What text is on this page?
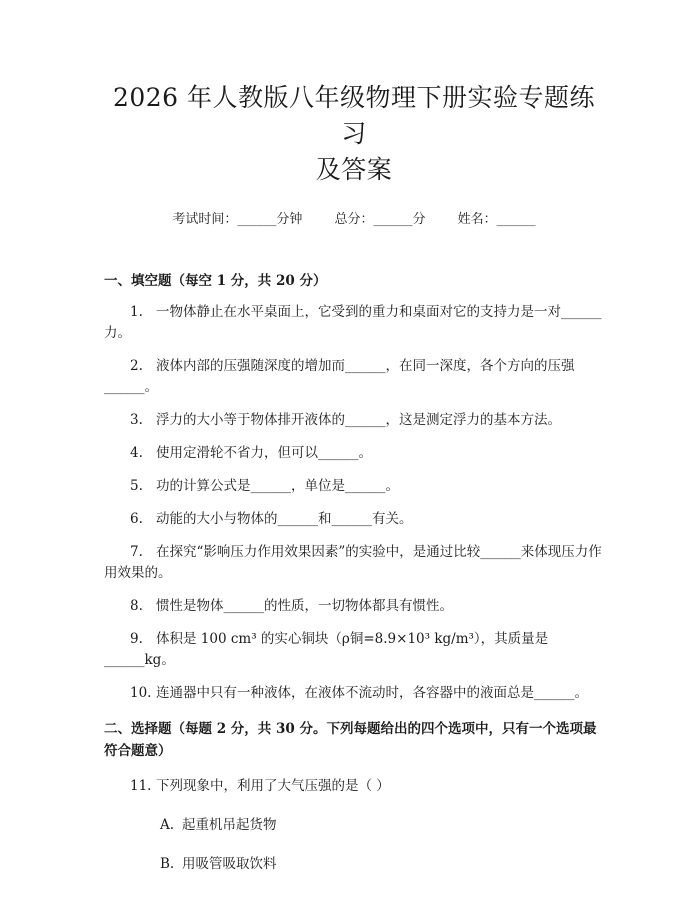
2026 年人教版八年级物理下册实验专题练习
及答案
考试时间：______分钟 总分：______分 姓名：______
一、填空题（每空 1 分，共 20 分）

1. 一物体静止在水平桌面上，它受到的重力和桌面对它的支持力是一对______力。

2. 液体内部的压强随深度的增加而______，在同一深度，各个方向的压强______。

3. 浮力的大小等于物体排开液体的______，这是测定浮力的基本方法。

4. 使用定滑轮不省力，但可以______。

5. 功的计算公式是______，单位是______。

6. 动能的大小与物体的______和______有关。

7. 在探究“影响压力作用效果因素”的实验中，是通过比较______来体现压力作用效果的。

8. 惯性是物体______的性质，一切物体都具有惯性。

9. 体积是 100 cm³ 的实心铜块（ρ铜=8.9×10³ kg/m³），其质量是______kg。

10. 连通器中只有一种液体，在液体不流动时，各容器中的液面总是______。

二、选择题（每题 2 分，共 30 分。下列每题给出的四个选项中，只有一个选项最符合题意）

11. 下列现象中，利用了大气压强的是（ ）

A. 起重机吊起货物

B. 用吸管吸取饮料
